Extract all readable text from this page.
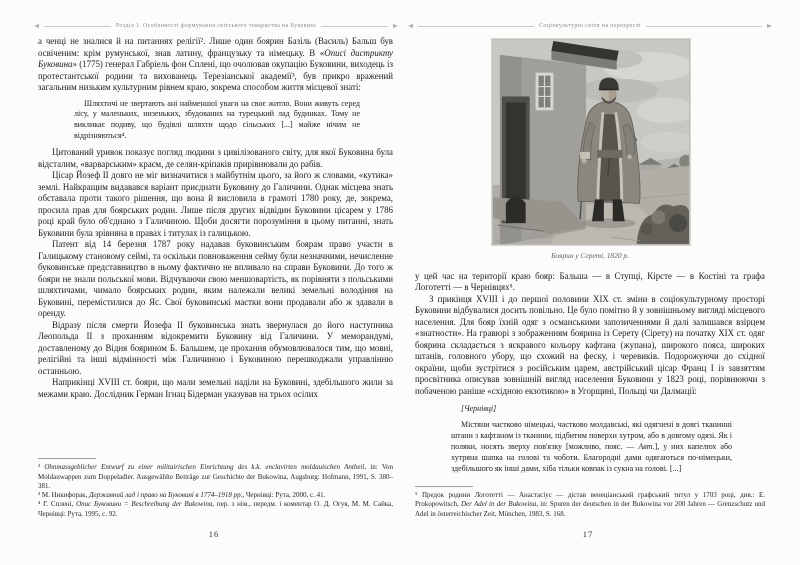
Розділ 1. Особливості формування світського товариства на Буковині

а ченці не зналися й на питаннях релігії². Лише один боярин Базіль (Василь) Бальш був освіченим: крім румунської, знав латину, французьку та німецьку. В «Описі дистрикту Буковина» (1775) генерал Габріель фон Сплені, що очолював окупацію Буковини, виходець із протестантської родини та вихованець Терезіанської академії³, був прикро вражений загальним низьким культурним рівнем краю, зокрема способом життя місцевої знаті:

Шляхтичі не звертають ані найменшої уваги на своє житло. Вони живуть серед лісу, у маленьких, низеньких, збудованих на турецький лад будинках. Тому не викликає подиву, що будівлі шляхти щодо сільських [...] майже нічим не відрізняються⁴.

Цитований уривок показує погляд людини з цивілізованого світу, для якої Буковина була відсталим, «варварським» краєм, де селян-кріпаків прирівнювали до рабів.

Цісар Йозеф II довго не міг визначитися з майбутнім цього, за його ж словами, «кутика» землі. Найкращим видавався варіант приєднати Буковину до Галичини. Однак місцева знать обставала проти такого рішення, що вона й висловила в грамоті 1780 року, де, зокрема, просила прав для боярських родин. Лише після других відвідин Буковини цісарем у 1786 році край було об'єднано з Галичиною. Щоби досягти порозуміння в цьому питанні, знать Буковини була зрівняна в правах і титулах із галицькою.

Патент від 14 березня 1787 року надавав буковинським боярам право участи в Галицькому становому сеймі, та оскільки повноваження сейму були незначними, нечисленне буковинське представництво в ньому фактично не впливало на справи Буковини. До того ж бояри не знали польської мови. Відчуваючи свою меншовартість, як порівняти з польськими шляхтичами, чимало боярських родин, яким належали великі земельні володіння на Буковині, перемістилися до Яс. Свої буковинські маєтки вони продавали або ж здавали в оренду.

Відразу після смерти Йозефа II буковинська знать звернулася до його наступника Леопольда II з проханням відокремити Буковину від Галичини. У меморандумі, доставленому до Відня боярином Б. Бальшем, це прохання обумовлювалося тим, що мовні, релігійні та інші відмінності між Галичиною і Буковиною перешкоджали управлінню останньою.

Наприкінці XVIII ст. бояри, що мали земельні наділи на Буковині, здебільшого жили за межами краю. Дослідник Герман Ігнац Бідерман указував на трьох осілих

² Ohnmassgeblicher Entwurf zu einer militairischen Einrichtung des k.k. enclavirten moldauischen Antheil, in: Von Moldauwappen zum Doppeladler. Ausgewählte Beiträge zur Geschichte der Bukowina, Augsburg: Hofmann, 1991, S. 380–381.

³ М. Никифорак, Державний лад і право на Буковині в 1774–1918 рр., Чернівці: Рута, 2000, с. 41.

⁴ Г. Сплені, Опис Буковини = Beschreibung der Bukowina, пер. з нім., передм. і коментар О. Д. Огуя, М. М. Сайка, Чернівці: Рута, 1995, с. 92.

16
Соціокультурні світи на перехресті
Боярин у Сереті, 1820 р.

у цей час на території краю бояр: Бальша — в Ступці, Кірсте — в Костіні та графа Логотетті — в Чернівцях⁵.

З прикінця XVIII і до першої половини XIX ст. зміни в соціокультурному просторі Буковини відбувалися досить повільно. Це було помітно й у зовнішньому вигляді місцевого населення. Для бояр їхній одяг з османськими запозиченнями й далі залишався взірцем «знатности». На гравюрі з зображенням боярина із Серету (Сірету) на початку XIX ст. одяг боярина складається з яскравого кольору кафтана (жупана), широкого пояса, широких штанів, головного убору, що схожий на феску, і черевиків. Подорожуючи до східної окраїни, щоби зустрітися з російським царем, австрійський цісар Франц I із завзяттям просвітника описував зовнішній вигляд населення Буковини у 1823 році, порівнюючи з побаченою раніше «східною екзотикою» в Угорщині, Польщі чи Далмації:

[Чернівці]

Містяни частково німецькі, частково молдавські, які одягнені в довгі тканинні штани з кафтаном із тканини, підбитим поверхи хутром, або в довгому одязі. Як і поляки, носять зверху пов'язку [можливо, пояс. — Авт.], у них капелюх або хутряна шапка на голові та чоботи. Благородні дами одягаються по-німецьки, здебільшого як інші дами, хіба тільки ковпак із сукна на голові. [...]

⁵ Предок родини Логотетті — Анастасіус — дістав венеціанський графський титул у 1703 році, див.: E. Prokopowitsch, Der Adel in der Bukowina, in: Spuren der deutschen in der Bukowina vor 200 Jahren — Grenzschutz und Adel in österreichischer Zeit, München, 1983, S. 168.

17
